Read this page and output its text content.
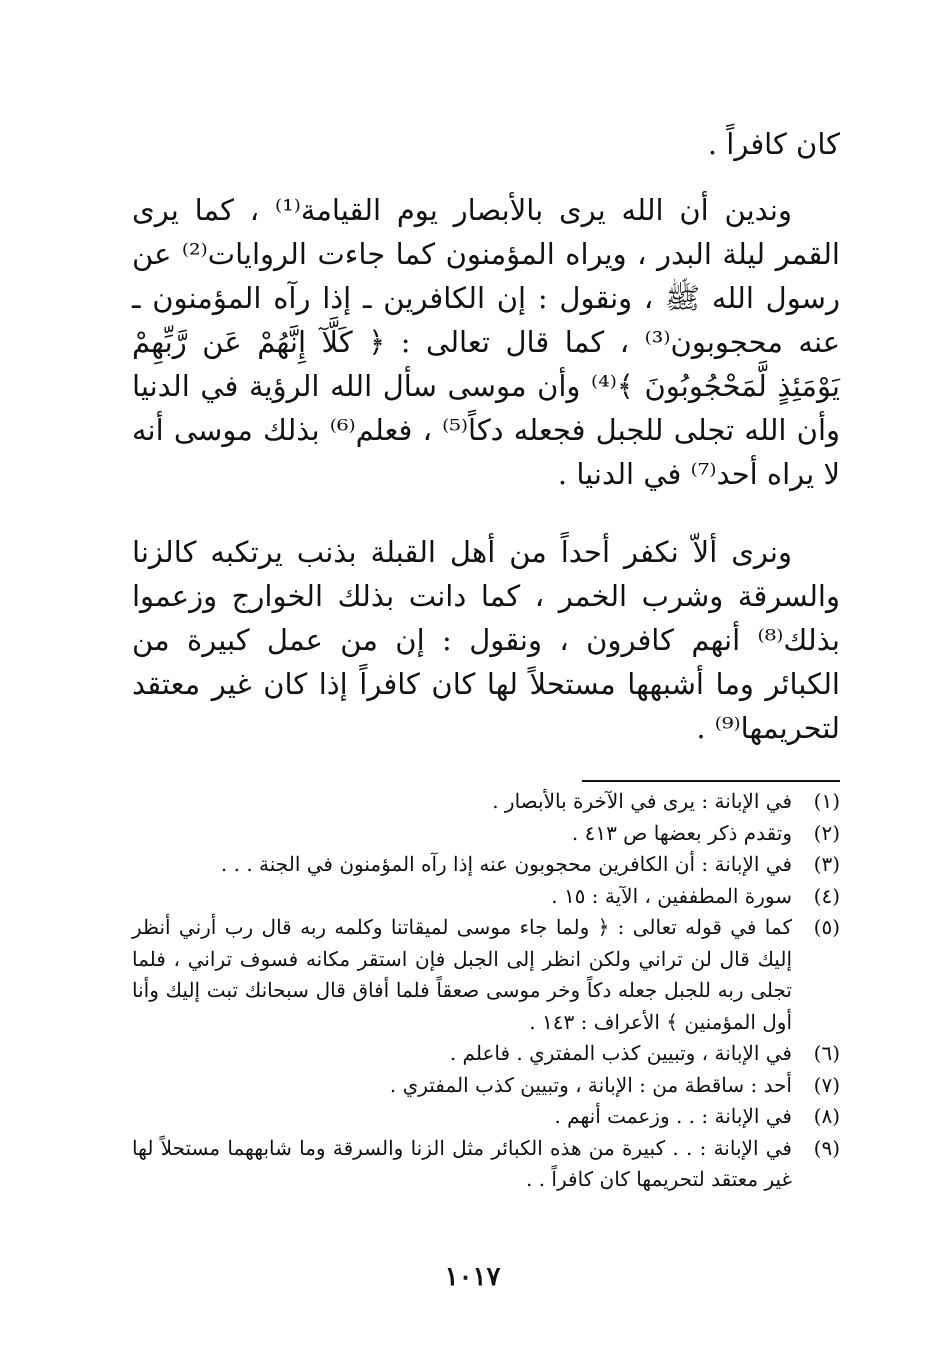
كان كافراً .

وندين أن الله يرى بالأبصار يوم القيامة⁽¹⁾ ، كما يرى القمر ليلة البدر ، ويراه المؤمنون كما جاءت الروايات⁽²⁾ عن رسول الله ﷺ ، ونقول : إن الكافرين ـ إذا رآه المؤمنون ـ عنه محجوبون⁽³⁾ ، كما قال تعالى : ﴿ كَلَّآ إِنَّهُمْ عَن رَّبِّهِمْ يَوْمَئِذٍ لَّمَحْجُوبُونَ ﴾⁽⁴⁾ وأن موسى سأل الله الرؤية في الدنيا وأن الله تجلى للجبل فجعله دكاً⁽⁵⁾ ، فعلم⁽⁶⁾ بذلك موسى أنه لا يراه أحد⁽⁷⁾ في الدنيا .

ونرى ألاّ نكفر أحداً من أهل القبلة بذنب يرتكبه كالزنا والسرقة وشرب الخمر ، كما دانت بذلك الخوارج وزعموا بذلك⁽⁸⁾ أنهم كافرون ، ونقول : إن من عمل كبيرة من الكبائر وما أشبهها مستحلاً لها كان كافراً إذا كان غير معتقد لتحريمها⁽⁹⁾ .

(١)
في الإبانة : يرى في الآخرة بالأبصار .
(٢)
وتقدم ذكر بعضها ص ٤١٣ .
(٣)
في الإبانة : أن الكافرين محجوبون عنه إذا رآه المؤمنون في الجنة . . .
(٤)
سورة المطففين ، الآية : ١٥ .
(٥)
كما في قوله تعالى : ﴿ ولما جاء موسى لميقاتنا وكلمه ربه قال رب أرني أنظر إليك قال لن تراني ولكن انظر إلى الجبل فإن استقر مكانه فسوف تراني ، فلما تجلى ربه للجبل جعله دكاً وخر موسى صعقاً فلما أفاق قال سبحانك تبت إليك وأنا أول المؤمنين ﴾ الأعراف : ١٤٣ .
(٦)
في الإبانة ، وتبيين كذب المفتري . فاعلم .
(٧)
أحد : ساقطة من : الإبانة ، وتبيين كذب المفتري .
(٨)
في الإبانة : . . وزعمت أنهم .
(٩)
في الإبانة : . . كبيرة من هذه الكبائر مثل الزنا والسرقة وما شابههما مستحلاً لها غير معتقد لتحريمها كان كافراً . .
١٠١٧
